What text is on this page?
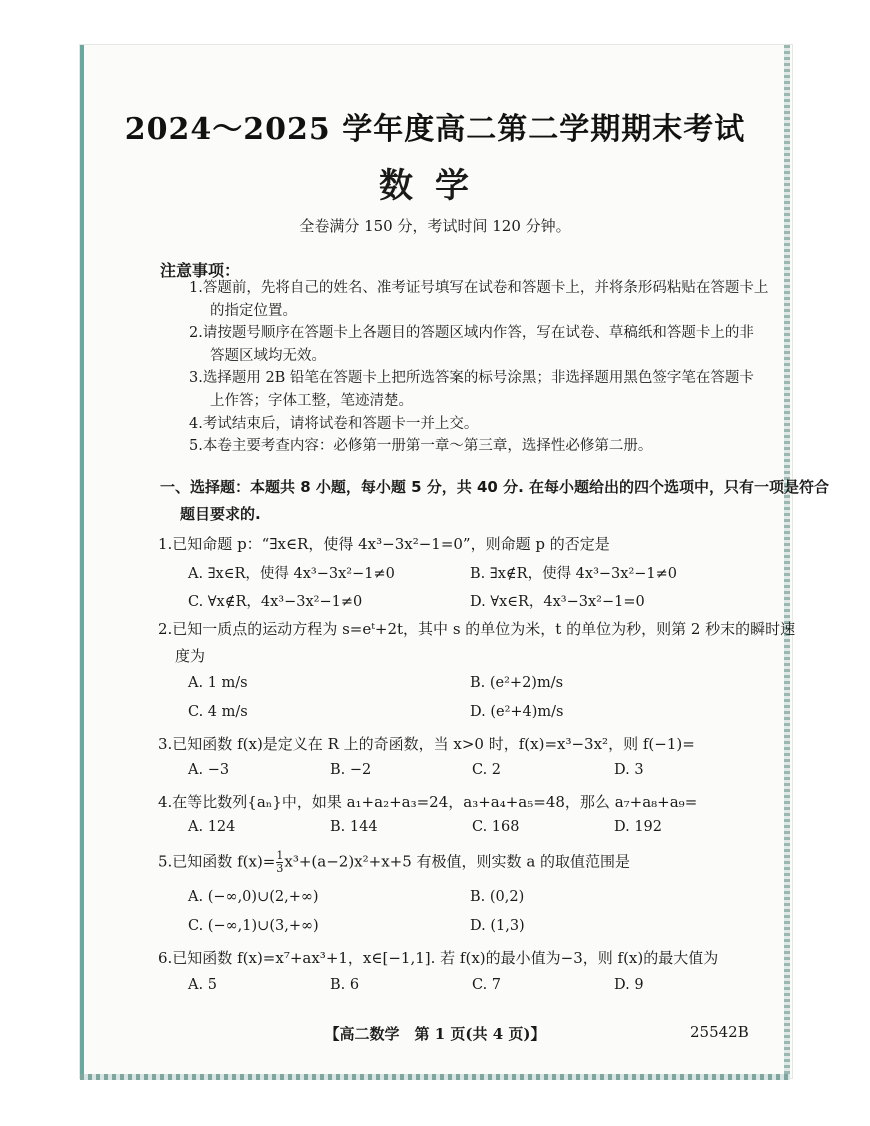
2024～2025 学年度高二第二学期期末考试
数学
全卷满分 150 分，考试时间 120 分钟。
注意事项：
1.答题前，先将自己的姓名、准考证号填写在试卷和答题卡上，并将条形码粘贴在答题卡上
的指定位置。
2.请按题号顺序在答题卡上各题目的答题区域内作答，写在试卷、草稿纸和答题卡上的非
答题区域均无效。
3.选择题用 2B 铅笔在答题卡上把所选答案的标号涂黑；非选择题用黑色签字笔在答题卡
上作答；字体工整，笔迹清楚。
4.考试结束后，请将试卷和答题卡一并上交。
5.本卷主要考查内容：必修第一册第一章～第三章，选择性必修第二册。
一、选择题：本题共 8 小题，每小题 5 分，共 40 分. 在每小题给出的四个选项中，只有一项是符合
题目要求的.
1.已知命题 p：“∃x∈R，使得 4x³−3x²−1=0”，则命题 p 的否定是
A. ∃x∈R，使得 4x³−3x²−1≠0	B. ∃x∉R，使得 4x³−3x²−1≠0
C. ∀x∉R，4x³−3x²−1≠0	D. ∀x∈R，4x³−3x²−1=0
2.已知一质点的运动方程为 s=eᵗ+2t，其中 s 的单位为米，t 的单位为秒，则第 2 秒末的瞬时速
度为
A. 1 m/s	B. (e²+2)m/s
C. 4 m/s	D. (e²+4)m/s
3.已知函数 f(x)是定义在 R 上的奇函数，当 x>0 时，f(x)=x³−3x²，则 f(−1)=
A. −3	B. −2	C. 2	D. 3
4.在等比数列{aₙ}中，如果 a₁+a₂+a₃=24，a₃+a₄+a₅=48，那么 a₇+a₈+a₉=
A. 124	B. 144	C. 168	D. 192
5.已知函数 $f(x)= \frac{1}{3} x^3+(a-2)x^2+x+5$ 有极值，则实数 a 的取值范围是
A. (−∞,0)∪(2,+∞)	B. (0,2)
C. (−∞,1)∪(3,+∞)	D. (1,3)
6.已知函数 f(x)=x⁷+ax³+1，x∈[−1,1]. 若 f(x)的最小值为−3，则 f(x)的最大值为
A. 5	B. 6	C. 7	D. 9
【高二数学　第 1 页(共 4 页)】	25542B
